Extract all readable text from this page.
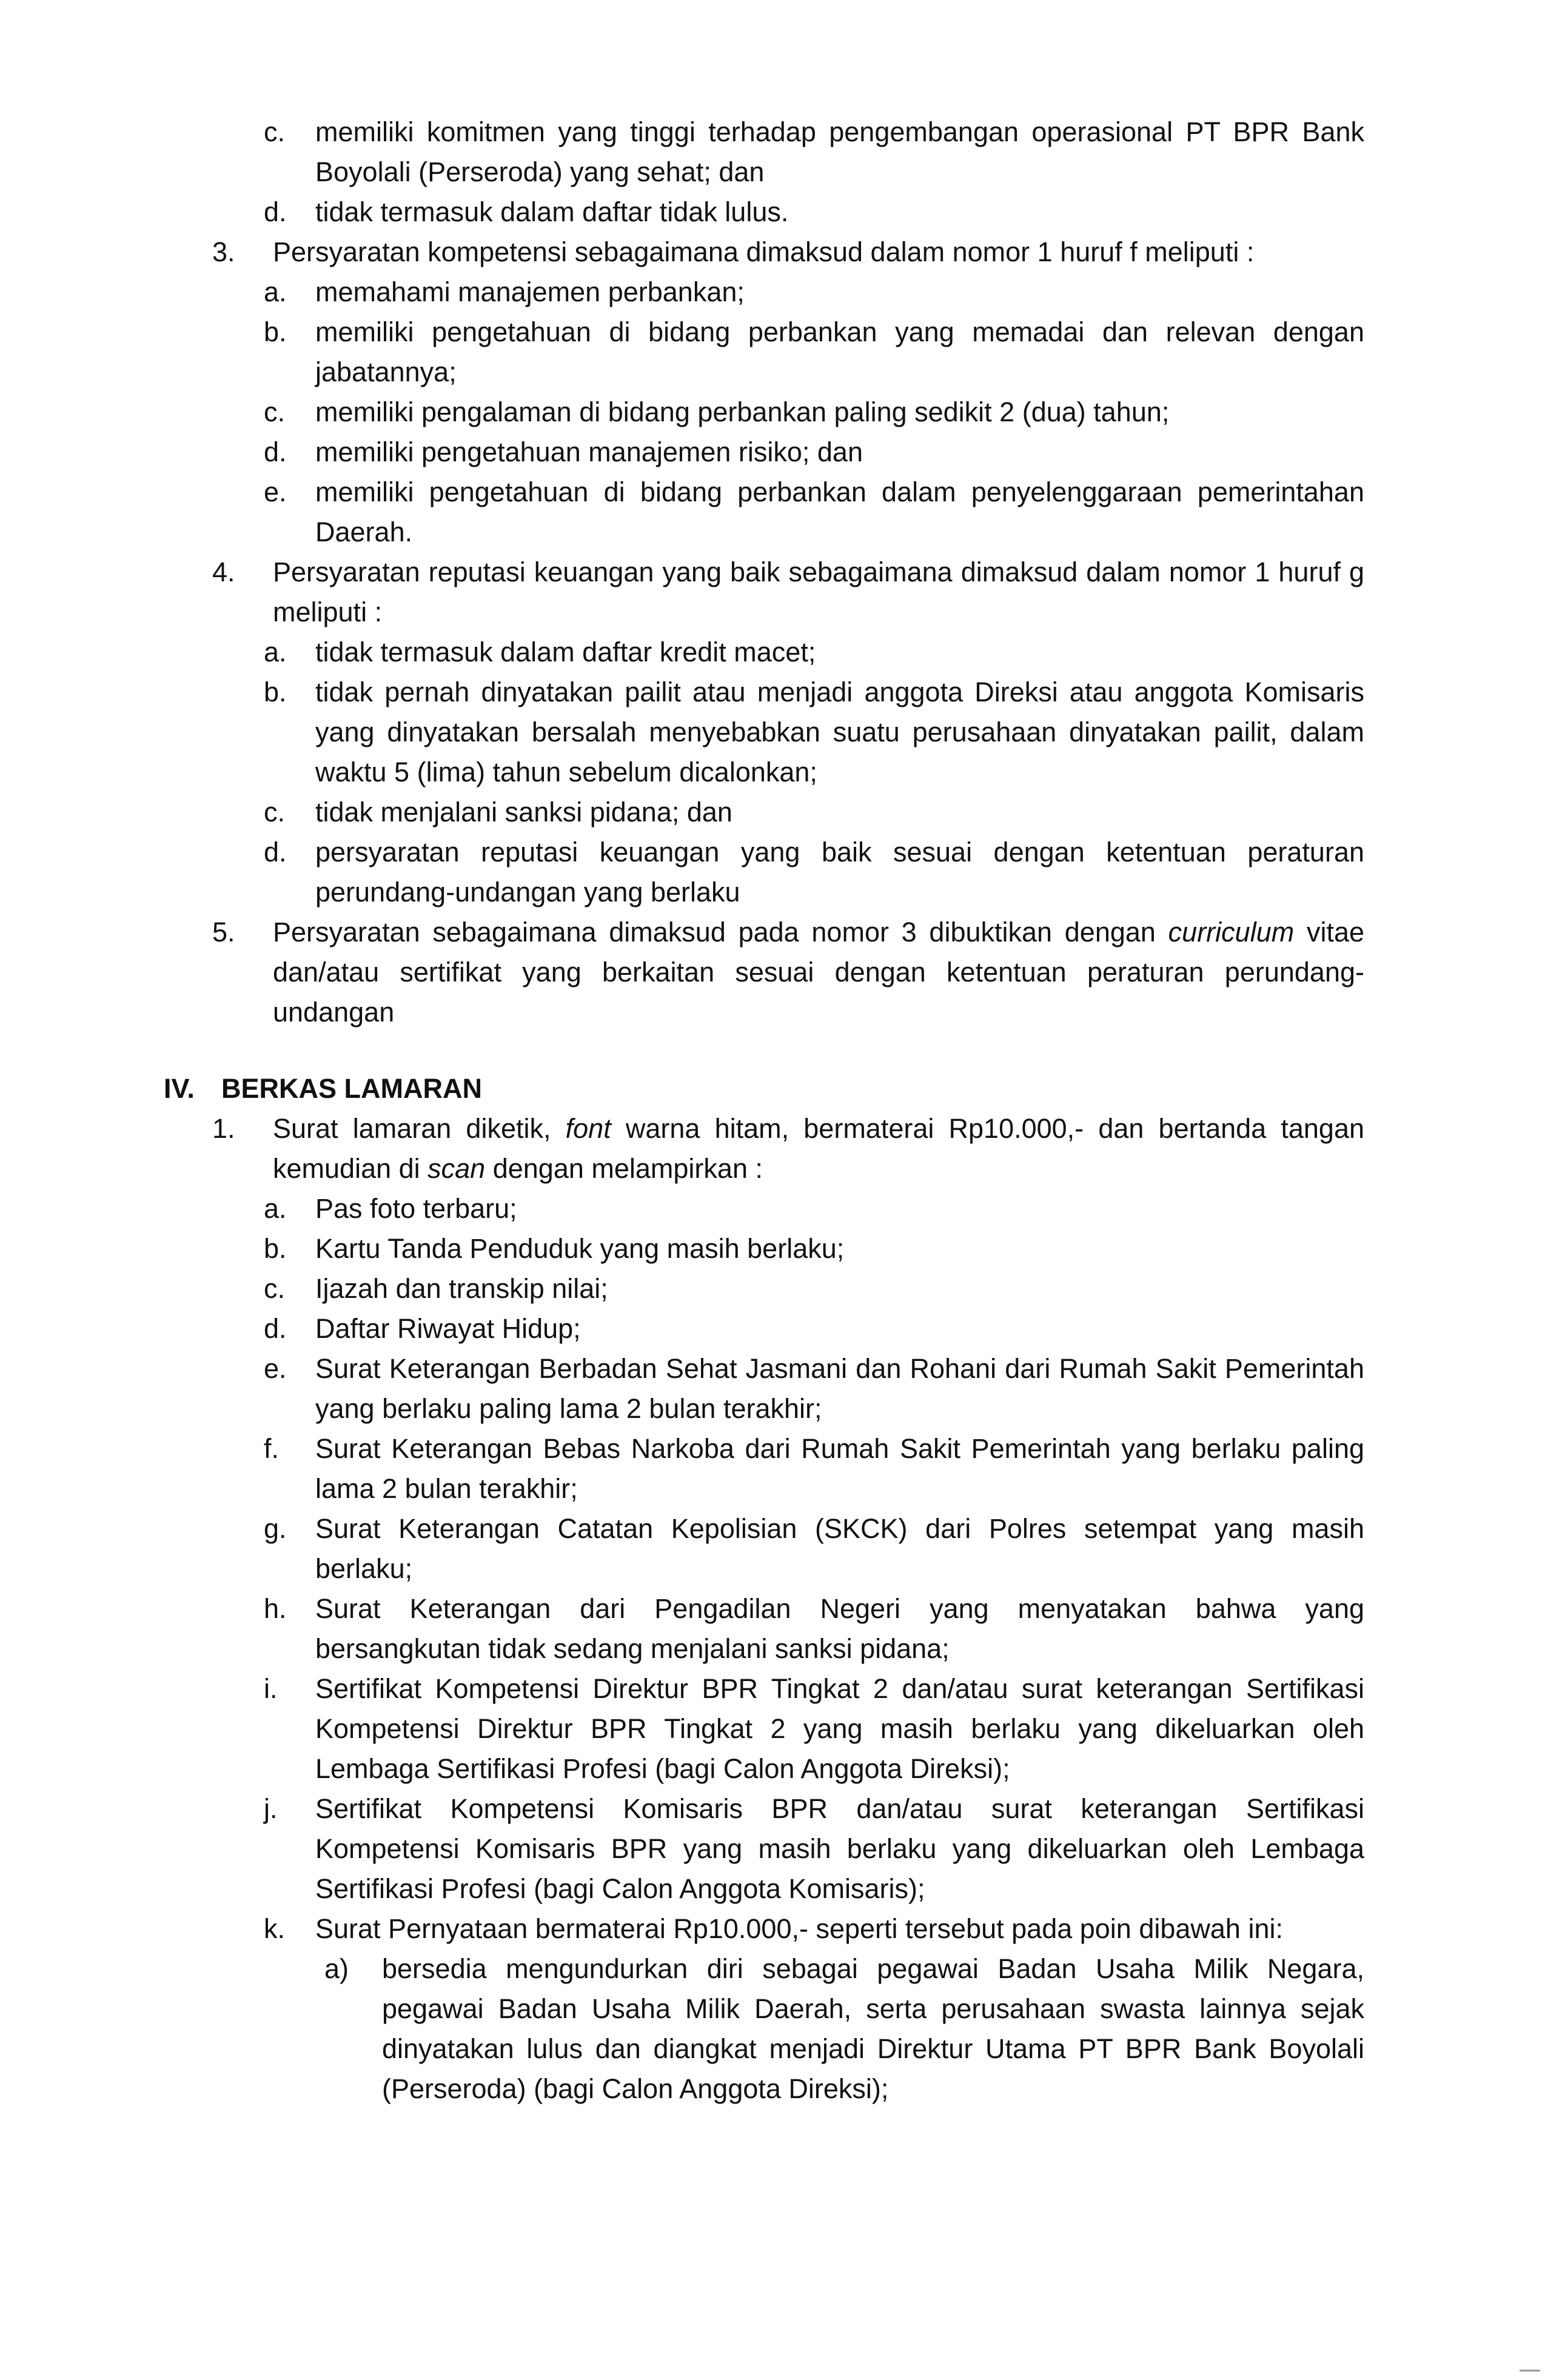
c.	memiliki komitmen yang tinggi terhadap pengembangan operasional PT BPR Bank Boyolali (Perseroda) yang sehat; dan
d.	tidak termasuk dalam daftar tidak lulus.
3.	Persyaratan kompetensi sebagaimana dimaksud dalam nomor 1 huruf f meliputi :
a.	memahami manajemen perbankan;
b.	memiliki pengetahuan di bidang perbankan yang memadai dan relevan dengan jabatannya;
c.	memiliki pengalaman di bidang perbankan paling sedikit 2 (dua) tahun;
d.	memiliki pengetahuan manajemen risiko; dan
e.	memiliki pengetahuan di bidang perbankan dalam penyelenggaraan pemerintahan Daerah.
4.	Persyaratan reputasi keuangan yang baik sebagaimana dimaksud dalam nomor 1 huruf g meliputi :
a.	tidak termasuk dalam daftar kredit macet;
b.	tidak pernah dinyatakan pailit atau menjadi anggota Direksi atau anggota Komisaris yang dinyatakan bersalah menyebabkan suatu perusahaan dinyatakan pailit, dalam waktu 5 (lima) tahun sebelum dicalonkan;
c.	tidak menjalani sanksi pidana; dan
d.	persyaratan reputasi keuangan yang baik sesuai dengan ketentuan peraturan perundang-undangan yang berlaku
5.	Persyaratan sebagaimana dimaksud pada nomor 3 dibuktikan dengan curriculum vitae dan/atau sertifikat yang berkaitan sesuai dengan ketentuan peraturan perundang-undangan
IV. BERKAS LAMARAN
1.	Surat lamaran diketik, font warna hitam, bermaterai Rp10.000,- dan bertanda tangan kemudian di scan dengan melampirkan :
a.	Pas foto terbaru;
b.	Kartu Tanda Penduduk yang masih berlaku;
c.	Ijazah dan transkip nilai;
d.	Daftar Riwayat Hidup;
e.	Surat Keterangan Berbadan Sehat Jasmani dan Rohani dari Rumah Sakit Pemerintah yang berlaku paling lama 2 bulan terakhir;
f.	Surat Keterangan Bebas Narkoba dari Rumah Sakit Pemerintah yang berlaku paling lama 2 bulan terakhir;
g.	Surat Keterangan Catatan Kepolisian (SKCK) dari Polres setempat yang masih berlaku;
h.	Surat Keterangan dari Pengadilan Negeri yang menyatakan bahwa yang bersangkutan tidak sedang menjalani sanksi pidana;
i.	Sertifikat Kompetensi Direktur BPR Tingkat 2 dan/atau surat keterangan Sertifikasi Kompetensi Direktur BPR Tingkat 2 yang masih berlaku yang dikeluarkan oleh Lembaga Sertifikasi Profesi (bagi Calon Anggota Direksi);
j.	Sertifikat Kompetensi Komisaris BPR dan/atau surat keterangan Sertifikasi Kompetensi Komisaris BPR yang masih berlaku yang dikeluarkan oleh Lembaga Sertifikasi Profesi (bagi Calon Anggota Komisaris);
k.	Surat Pernyataan bermaterai Rp10.000,- seperti tersebut pada poin dibawah ini:
a)	bersedia mengundurkan diri sebagai pegawai Badan Usaha Milik Negara, pegawai Badan Usaha Milik Daerah, serta perusahaan swasta lainnya sejak dinyatakan lulus dan diangkat menjadi Direktur Utama PT BPR Bank Boyolali (Perseroda) (bagi Calon Anggota Direksi);
